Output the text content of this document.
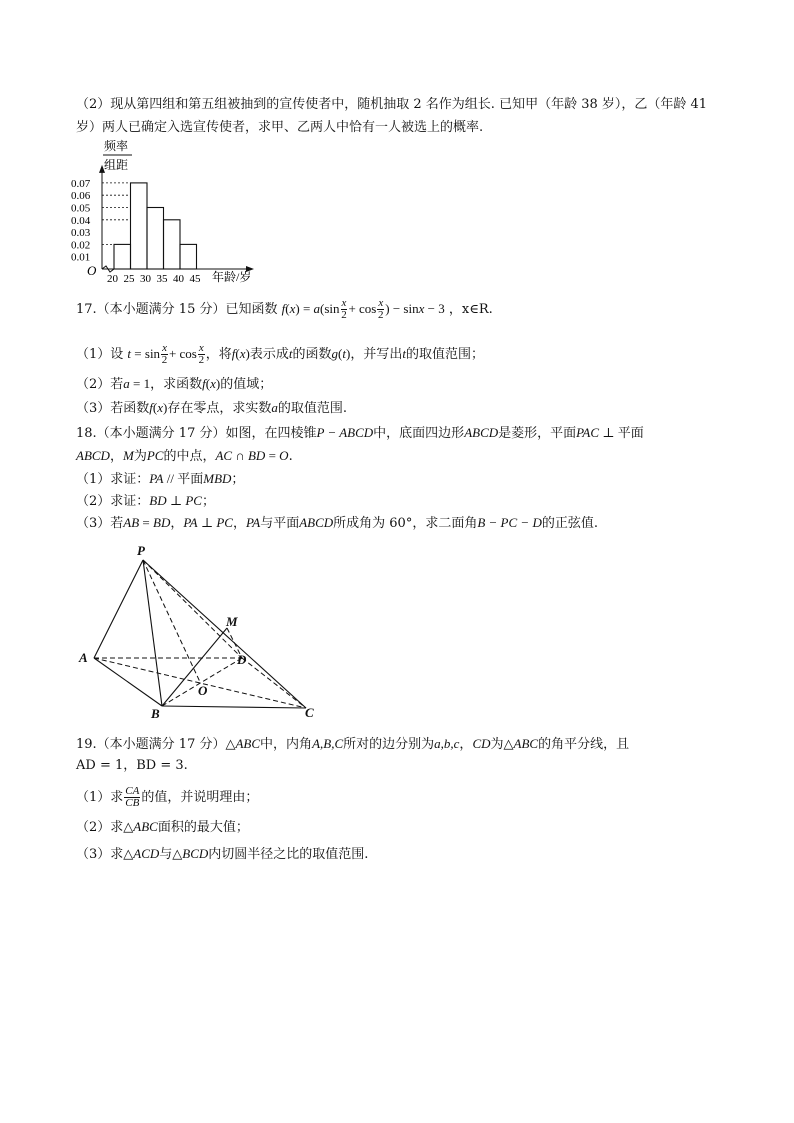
（2）现从第四组和第五组被抽到的宣传使者中，随机抽取 2 名作为组长. 已知甲（年龄 38 岁），乙（年龄 41
岁）两人已确定入选宣传使者，求甲、乙两人中恰有一人被选上的概率.
频率
组距
年龄/岁
O
0.01
0.02
0.03
0.04
0.05
0.06
0.07
20 25 30 35 40 45
17.（本小题满分 15 分）已知函数 $f(x) = a(\sin \frac{x}{2} + \cos \frac{x}{2}$ ) − sinx − 3 ，x∈R.
（1）设 $t = \sin \frac{x}{2} + \cos \frac{x}{2}$ ，将f(x)表示成t的函数g(t)，并写出t的取值范围；
（2）若a = 1，求函数f(x)的值域；
（3）若函数f(x)存在零点，求实数a的取值范围.
18.（本小题满分 17 分）如图，在四棱锥P − ABCD中，底面四边形ABCD是菱形，平面PAC ⊥ 平面
ABCD，M为PC的中点，AC ∩ BD = O.
（1）求证：PA // 平面MBD；
（2）求证：BD ⊥ PC；
（3）若AB = BD，PA ⊥ PC，PA与平面ABCD所成角为 60°，求二面角B − PC − D的正弦值.
P
M
A	D
O
B	C
19.（本小题满分 17 分）△ABC中，内角A,B,C所对的边分别为a,b,c，CD为△ABC的角平分线，且
AD = 1，BD = 3.
（1）求 $\frac{CA}{CB}$ 的值，并说明理由；
（2）求△ABC面积的最大值；
（3）求△ACD与△BCD内切圆半径之比的取值范围.
